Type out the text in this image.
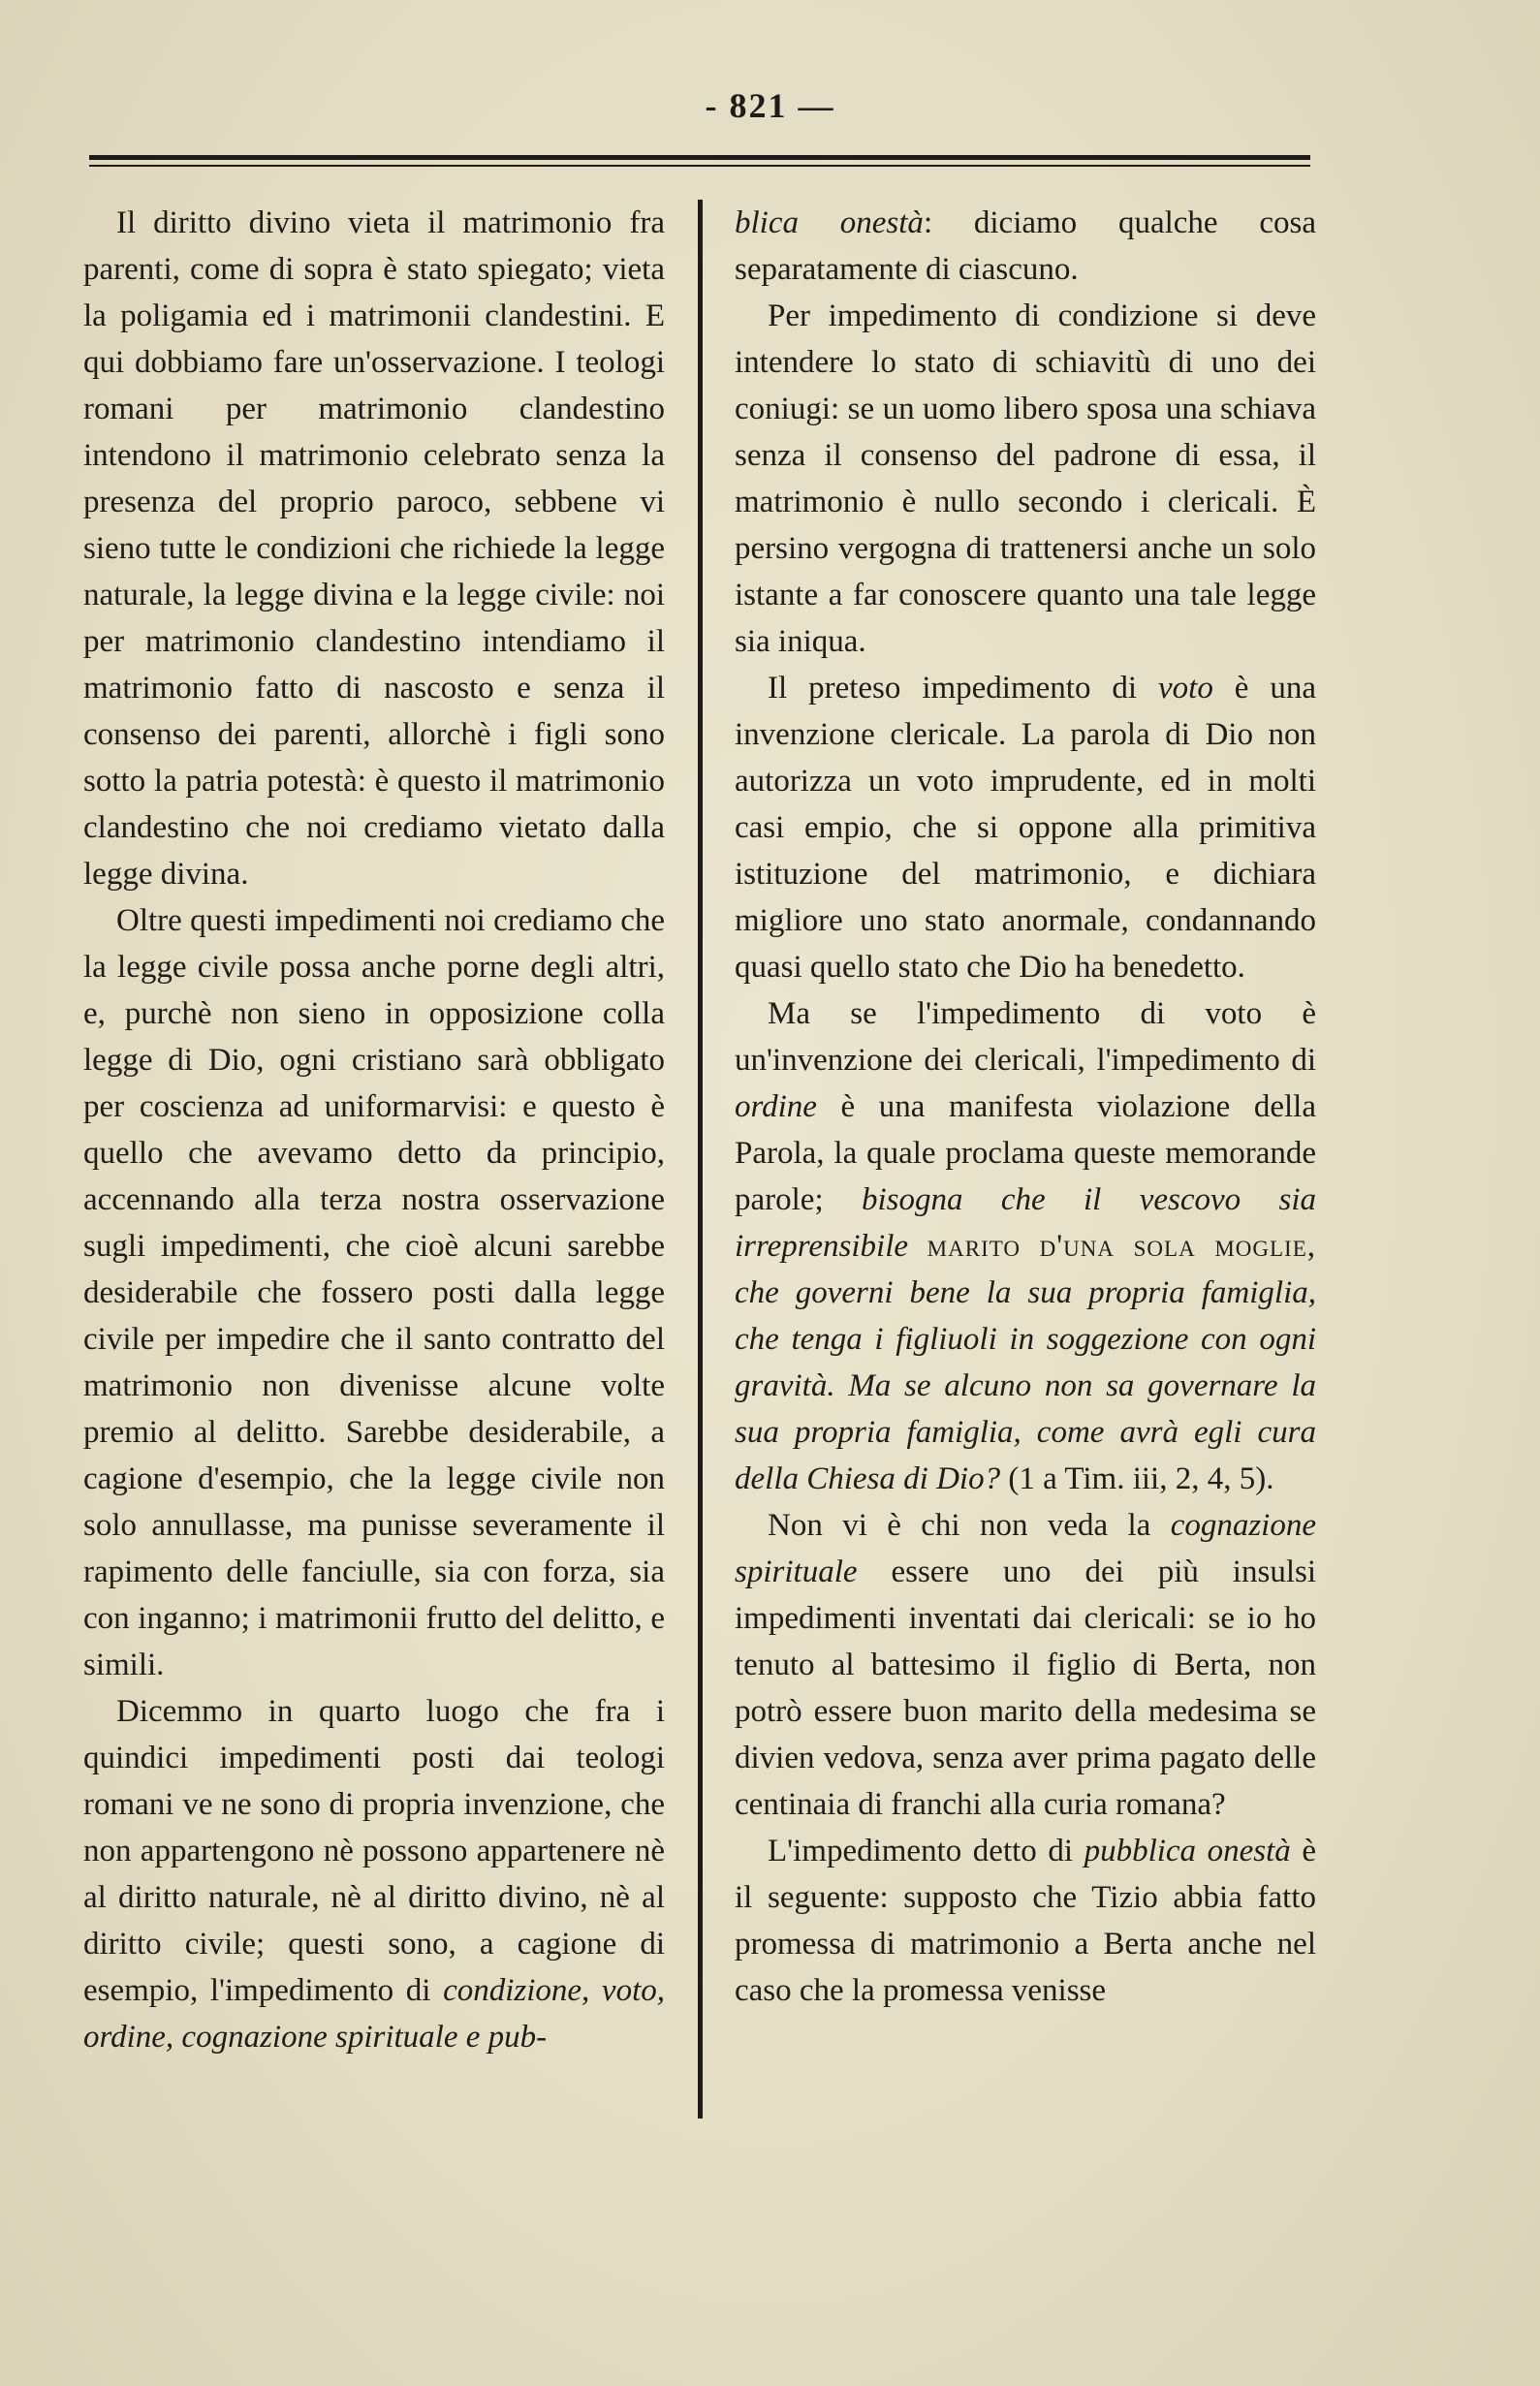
- 821 —

Il diritto divino vieta il matrimonio fra parenti, come di sopra è stato spiegato; vieta la poligamia ed i matrimonii clandestini. E qui dobbiamo fare un'osservazione. I teologi romani per matrimonio clandestino intendono il matrimonio celebrato senza la presenza del proprio paroco, sebbene vi sieno tutte le condizioni che richiede la legge naturale, la legge divina e la legge civile: noi per matrimonio clandestino intendiamo il matrimonio fatto di nascosto e senza il consenso dei parenti, allorchè i figli sono sotto la patria potestà: è questo il matrimonio clandestino che noi crediamo vietato dalla legge divina.

Oltre questi impedimenti noi crediamo che la legge civile possa anche porne degli altri, e, purchè non sieno in opposizione colla legge di Dio, ogni cristiano sarà obbligato per coscienza ad uniformarvisi: e questo è quello che avevamo detto da principio, accennando alla terza nostra osservazione sugli impedimenti, che cioè alcuni sarebbe desiderabile che fossero posti dalla legge civile per impedire che il santo contratto del matrimonio non divenisse alcune volte premio al delitto. Sarebbe desiderabile, a cagione d'esempio, che la legge civile non solo annullasse, ma punisse severamente il rapimento delle fanciulle, sia con forza, sia con inganno; i matrimonii frutto del delitto, e simili.

Dicemmo in quarto luogo che fra i quindici impedimenti posti dai teologi romani ve ne sono di propria invenzione, che non appartengono nè possono appartenere nè al diritto naturale, nè al diritto divino, nè al diritto civile; questi sono, a cagione di esempio, l'impedimento di condizione, voto, ordine, cognazione spirituale e pub-

blica onestà: diciamo qualche cosa separatamente di ciascuno.

Per impedimento di condizione si deve intendere lo stato di schiavitù di uno dei coniugi: se un uomo libero sposa una schiava senza il consenso del padrone di essa, il matrimonio è nullo secondo i clericali. È persino vergogna di trattenersi anche un solo istante a far conoscere quanto una tale legge sia iniqua.

Il preteso impedimento di voto è una invenzione clericale. La parola di Dio non autorizza un voto imprudente, ed in molti casi empio, che si oppone alla primitiva istituzione del matrimonio, e dichiara migliore uno stato anormale, condannando quasi quello stato che Dio ha benedetto.

Ma se l'impedimento di voto è un'invenzione dei clericali, l'impedimento di ordine è una manifesta violazione della Parola, la quale proclama queste memorande parole; bisogna che il vescovo sia irreprensibile marito d'una sola moglie, che governi bene la sua propria famiglia, che tenga i figliuoli in soggezione con ogni gravità. Ma se alcuno non sa governare la sua propria famiglia, come avrà egli cura della Chiesa di Dio? (1 a Tim. iii, 2, 4, 5).

Non vi è chi non veda la cognazione spirituale essere uno dei più insulsi impedimenti inventati dai clericali: se io ho tenuto al battesimo il figlio di Berta, non potrò essere buon marito della medesima se divien vedova, senza aver prima pagato delle centinaia di franchi alla curia romana?

L'impedimento detto di pubblica onestà è il seguente: supposto che Tizio abbia fatto promessa di matrimonio a Berta anche nel caso che la promessa venisse
